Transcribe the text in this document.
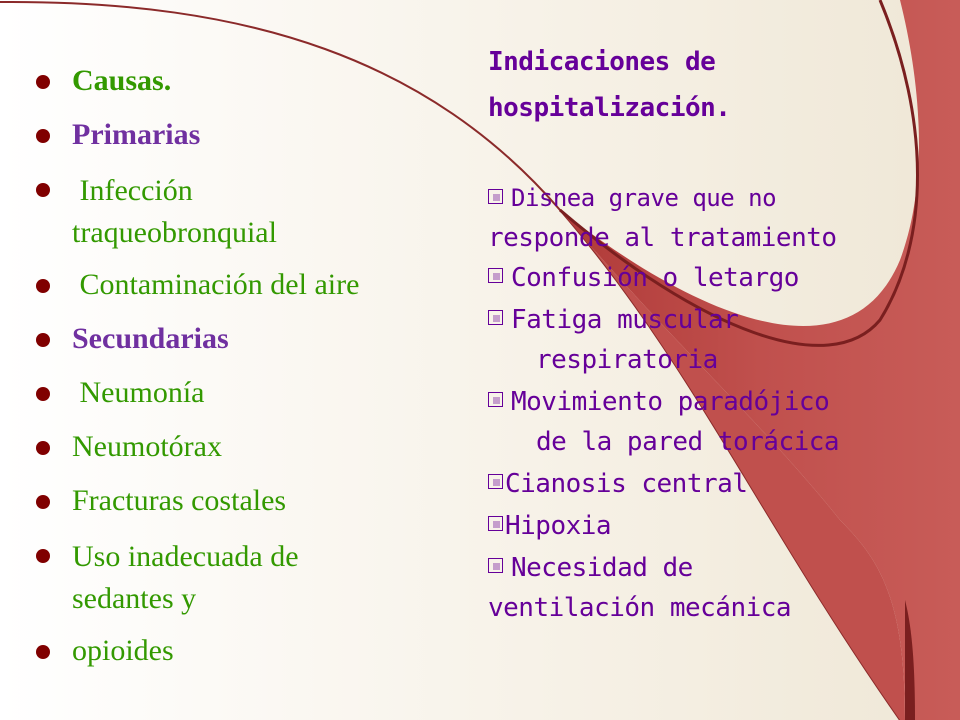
Causas.
Primarias
Infección traqueobronquial
Contaminación del aire
Secundarias
Neumonía
Neumotórax
Fracturas costales
Uso inadecuada de sedantes y
opioides
Indicaciones de
hospitalización.
Disnea grave que no
responde al tratamiento
Confusión o letargo
Fatiga muscular
respiratoria
Movimiento paradójico
de la pared torácica
Cianosis central
Hipoxia
Necesidad de
ventilación mecánica
